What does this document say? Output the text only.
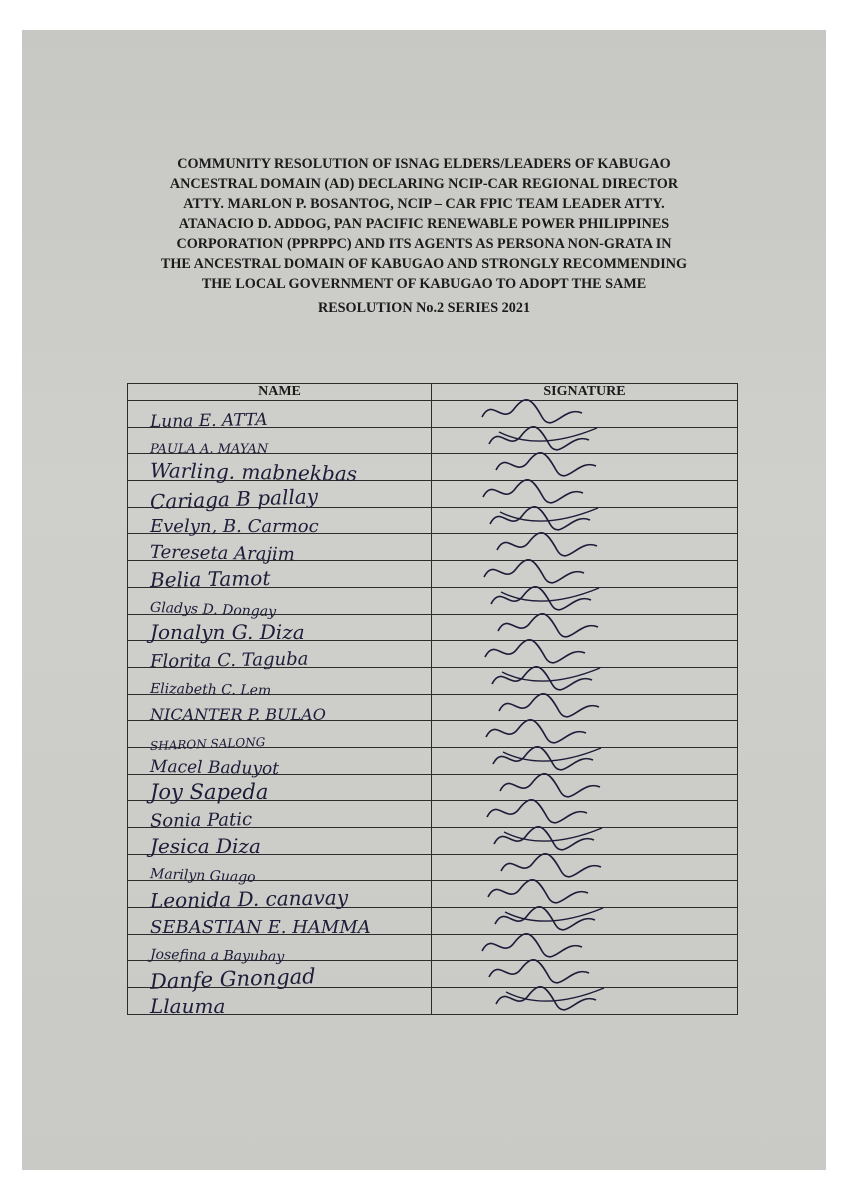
COMMUNITY RESOLUTION OF ISNAG ELDERS/LEADERS OF KABUGAO
ANCESTRAL DOMAIN (AD) DECLARING NCIP-CAR REGIONAL DIRECTOR
ATTY. MARLON P. BOSANTOG, NCIP – CAR FPIC TEAM LEADER ATTY.
ATANACIO D. ADDOG, PAN PACIFIC RENEWABLE POWER PHILIPPINES
CORPORATION (PPRPPC) AND ITS AGENTS AS PERSONA NON-GRATA IN
THE ANCESTRAL DOMAIN OF KABUGAO AND STRONGLY RECOMMENDING
THE LOCAL GOVERNMENT OF KABUGAO TO ADOPT THE SAME
RESOLUTION No.2 SERIES 2021
NAME	SIGNATURE

Luna E. ATTA

PAULA A. MAYAN

Warling. mabnekbas

Cariaga B pallay

Evelyn, B. Carmoc

Tereseta Arajim

Belia Tamot

Gladys D. Dongay

Jonalyn G. Diza

Florita C. Taguba

Elizabeth C. Lem

NICANTER P. BULAO

SHARON SALONG

Macel Baduyot

Joy Sapeda

Sonia Patic

Jesica Diza

Marilyn Guago

Leonida D. canavay

SEBASTIAN E. HAMMA

Josefina a Bayubay

Danfe Gnongad

Llauma
